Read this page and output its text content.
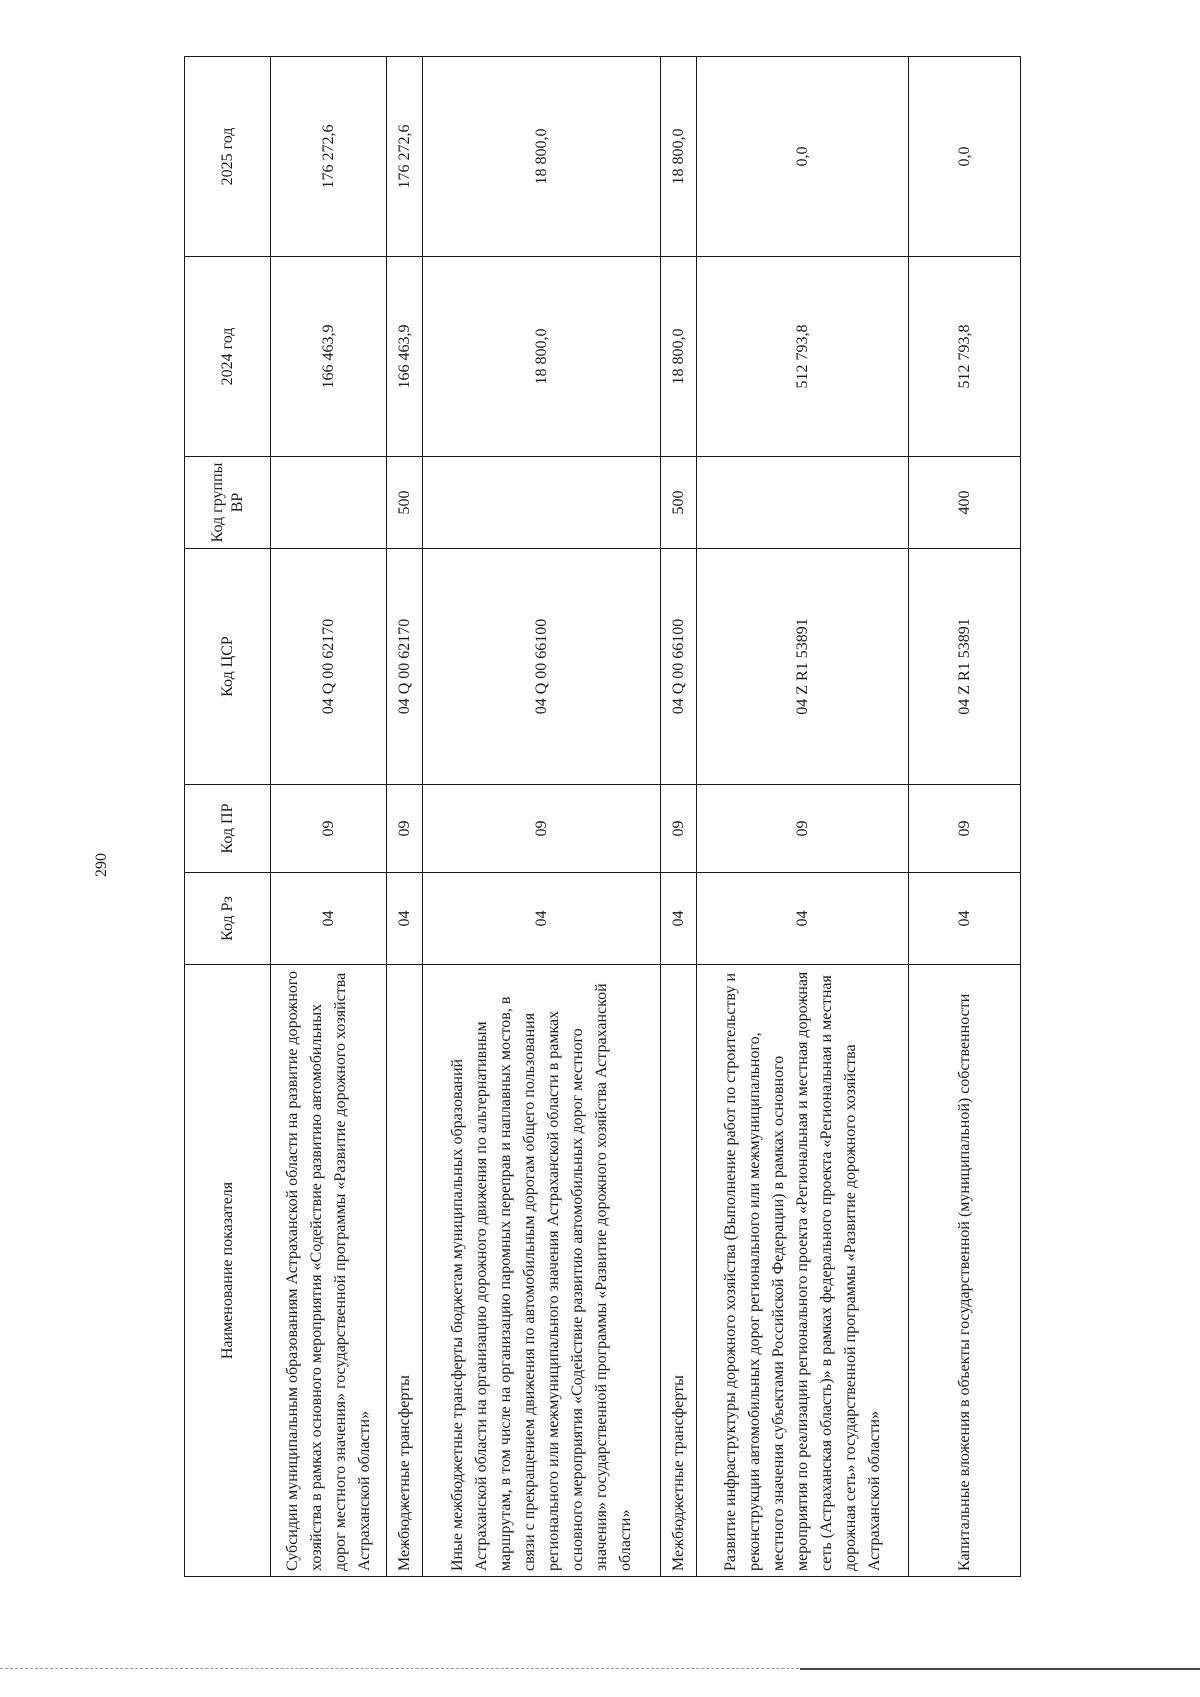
290
Наименование показателя	Код Рз	Код ПР	Код ЦСР	Код группы ВР	2024 год	2025 год
Субсидии муниципальным образованиям Астраханской области на развитие дорожного хозяйства в рамках основного мероприятия «Содействие развитию автомобильных дорог местного значения» государственной программы «Развитие дорожного хозяйства Астраханской области»	04	09	04 Q 00 62170		166 463,9	176 272,6
Межбюджетные трансферты	04	09	04 Q 00 62170	500	166 463,9	176 272,6
Иные межбюджетные трансферты бюджетам муниципальных образований Астраханской области на организацию дорожного движения по альтернативным маршрутам, в том числе на организацию паромных переправ и наплавных мостов, в связи с прекращением движения по автомобильным дорогам общего пользования регионального или межмуниципального значения Астраханской области в рамках основного мероприятия «Содействие развитию автомобильных дорог местного значения» государственной программы «Развитие дорожного хозяйства Астраханской области»	04	09	04 Q 00 66100		18 800,0	18 800,0
Межбюджетные трансферты	04	09	04 Q 00 66100	500	18 800,0	18 800,0
Развитие инфраструктуры дорожного хозяйства (Выполнение работ по строительству и реконструкции автомобильных дорог регионального или межмуниципального, местного значения субъектами Российской Федерации) в рамках основного мероприятия по реализации регионального проекта «Региональная и местная дорожная сеть (Астраханская область)» в рамках федерального проекта «Региональная и местная дорожная сеть» государственной программы «Развитие дорожного хозяйства Астраханской области»	04	09	04 Z R1 53891		512 793,8	0,0
Капитальные вложения в объекты государственной (муниципальной) собственности	04	09	04 Z R1 53891	400	512 793,8	0,0
